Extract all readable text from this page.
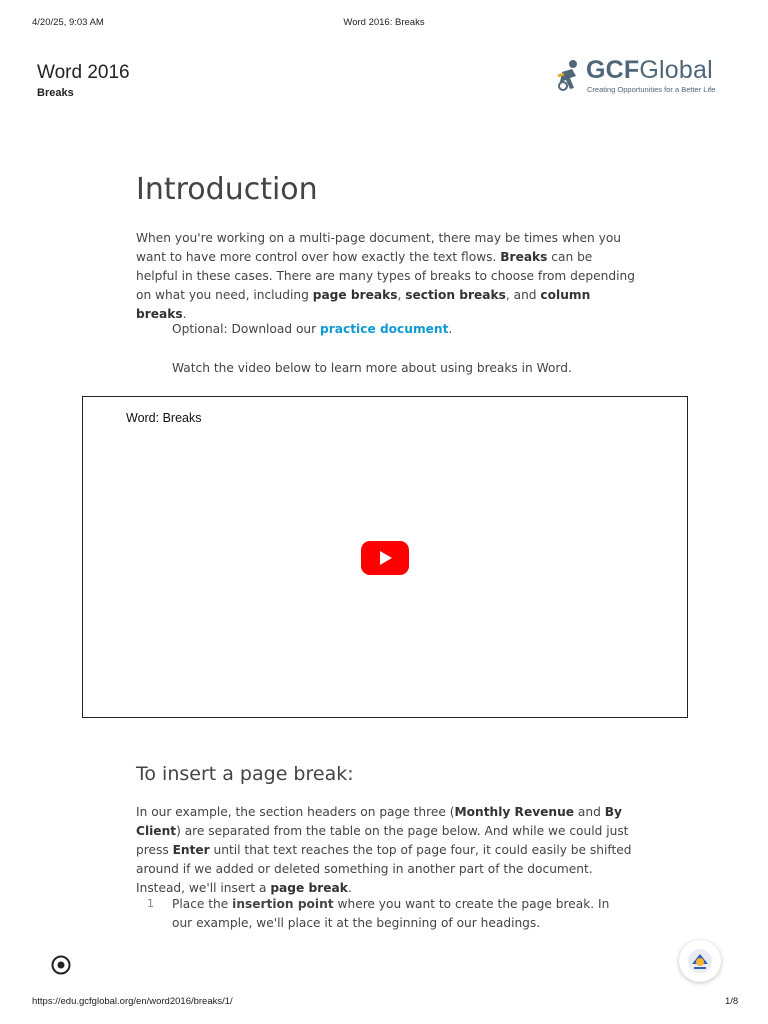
4/20/25, 9:03 AM	Word 2016: Breaks
Word 2016
Breaks
GCFGlobal
Creating Opportunities for a Better Life
Introduction
When you're working on a multi-page document, there may be times when you want to have more control over how exactly the text flows. Breaks can be helpful in these cases. There are many types of breaks to choose from depending on what you need, including page breaks, section breaks, and column breaks.
Optional: Download our practice document.
Watch the video below to learn more about using breaks in Word.
Word: Breaks
To insert a page break:
In our example, the section headers on page three (Monthly Revenue and By Client) are separated from the table on the page below. And while we could just press Enter until that text reaches the top of page four, it could easily be shifted around if we added or deleted something in another part of the document. Instead, we'll insert a page break.
1 Place the insertion point where you want to create the page break. In our example, we'll place it at the beginning of our headings.
https://edu.gcfglobal.org/en/word2016/breaks/1/	1/8
